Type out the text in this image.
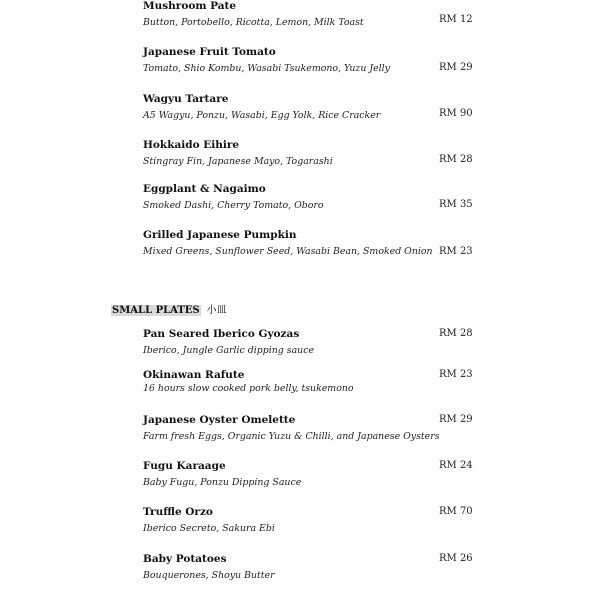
Mushroom Pate
Button, Portobello, Ricotta, Lemon, Milk Toast	RM 12
Japanese Fruit Tomato
Tomato, Shio Kombu, Wasabi Tsukemono, Yuzu Jelly	RM 29
Wagyu Tartare
A5 Wagyu, Ponzu, Wasabi, Egg Yolk, Rice Cracker	RM 90
Hokkaido Eihire
Stingray Fin, Japanese Mayo, Togarashi	RM 28
Eggplant & Nagaimo
Smoked Dashi, Cherry Tomato, Oboro	RM 35
Grilled Japanese Pumpkin
Mixed Greens, Sunflower Seed, Wasabi Bean, Smoked Onion RM 23
SMALL PLATES 小皿
Pan Seared Iberico Gyozas
Iberico, Jungle Garlic dipping sauce
RM 28
Okinawan Rafute
16 hours slow cooked pork belly, tsukemono
RM 23
Japanese Oyster Omelette
Farm fresh Eggs, Organic Yuzu & Chilli, and Japanese Oysters
RM 29
Fugu Karaage
Baby Fugu, Ponzu Dipping Sauce
RM 24
Truffle Orzo
Iberico Secreto, Sakura Ebi
RM 70
Baby Potatoes
Bouquerones, Shoyu Butter
RM 26
